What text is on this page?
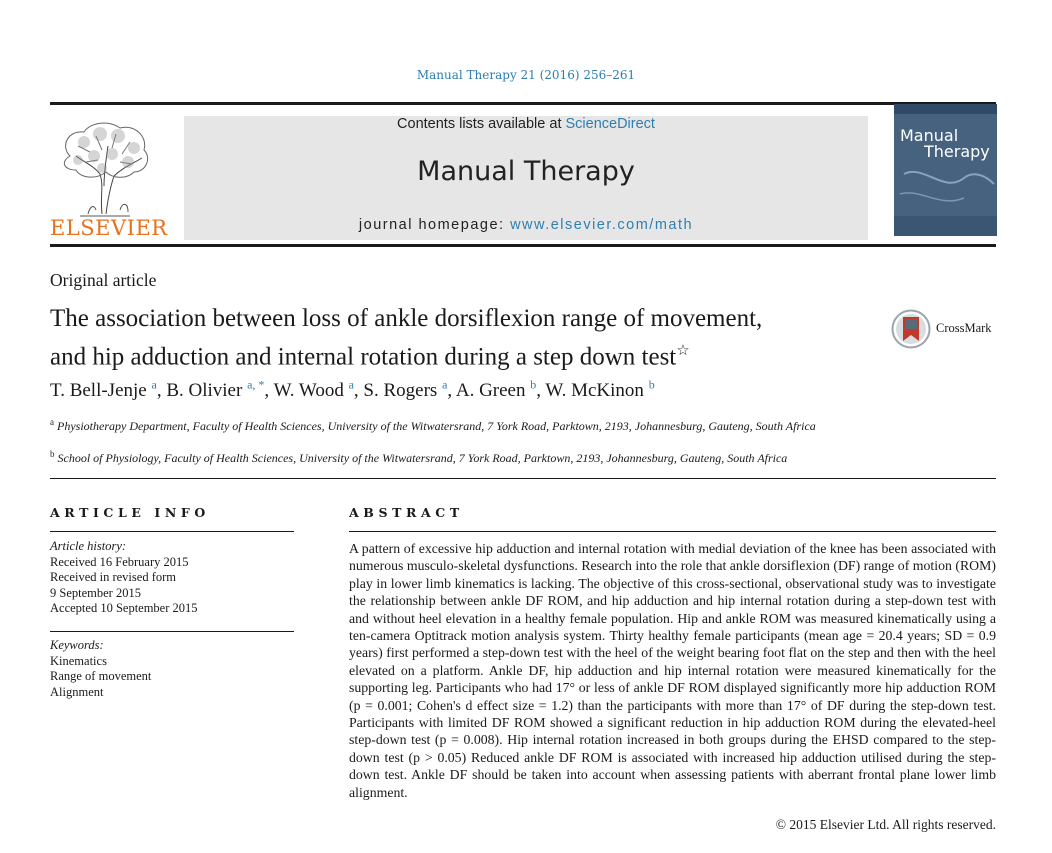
Manual Therapy 21 (2016) 256–261
ELSEVIER
Contents lists available at ScienceDirect
Manual Therapy
journal homepage: www.elsevier.com/math
Manual
Therapy
Original article
The association between loss of ankle dorsiflexion range of movement,
and hip adduction and internal rotation during a step down test☆
CrossMark
T. Bell-Jenje $^a$, B. Olivier $^{a, *}$, W. Wood $^a$, S. Rogers $^a$, A. Green $^b$, W. McKinon $^b$
$^a$ Physiotherapy Department, Faculty of Health Sciences, University of the Witwatersrand, 7 York Road, Parktown, 2193, Johannesburg, Gauteng, South Africa
$^b$ School of Physiology, Faculty of Health Sciences, University of the Witwatersrand, 7 York Road, Parktown, 2193, Johannesburg, Gauteng, South Africa
ARTICLE INFO
Article history:
Received 16 February 2015
Received in revised form
9 September 2015
Accepted 10 September 2015
Keywords:
Kinematics
Range of movement
Alignment
ABSTRACT
A pattern of excessive hip adduction and internal rotation with medial deviation of the knee has been associated with numerous musculo-skeletal dysfunctions. Research into the role that ankle dorsiflexion (DF) range of motion (ROM) play in lower limb kinematics is lacking. The objective of this cross-sectional, observational study was to investigate the relationship between ankle DF ROM, and hip adduction and hip internal rotation during a step-down test with and without heel elevation in a healthy female population. Hip and ankle ROM was measured kinematically using a ten-camera Optitrack motion analysis system. Thirty healthy female participants (mean age = 20.4 years; SD = 0.9 years) first performed a step-down test with the heel of the weight bearing foot flat on the step and then with the heel elevated on a platform. Ankle DF, hip adduction and hip internal rotation were measured kinematically for the supporting leg. Participants who had 17° or less of ankle DF ROM displayed significantly more hip adduction ROM (p = 0.001; Cohen's d effect size = 1.2) than the participants with more than 17° of DF during the step-down test. Participants with limited DF ROM showed a significant reduction in hip adduction ROM during the elevated-heel step-down test (p = 0.008). Hip internal rotation increased in both groups during the EHSD compared to the step-down test (p > 0.05) Reduced ankle DF ROM is associated with increased hip adduction utilised during the step-down test. Ankle DF should be taken into account when assessing patients with aberrant frontal plane lower limb alignment.
© 2015 Elsevier Ltd. All rights reserved.
